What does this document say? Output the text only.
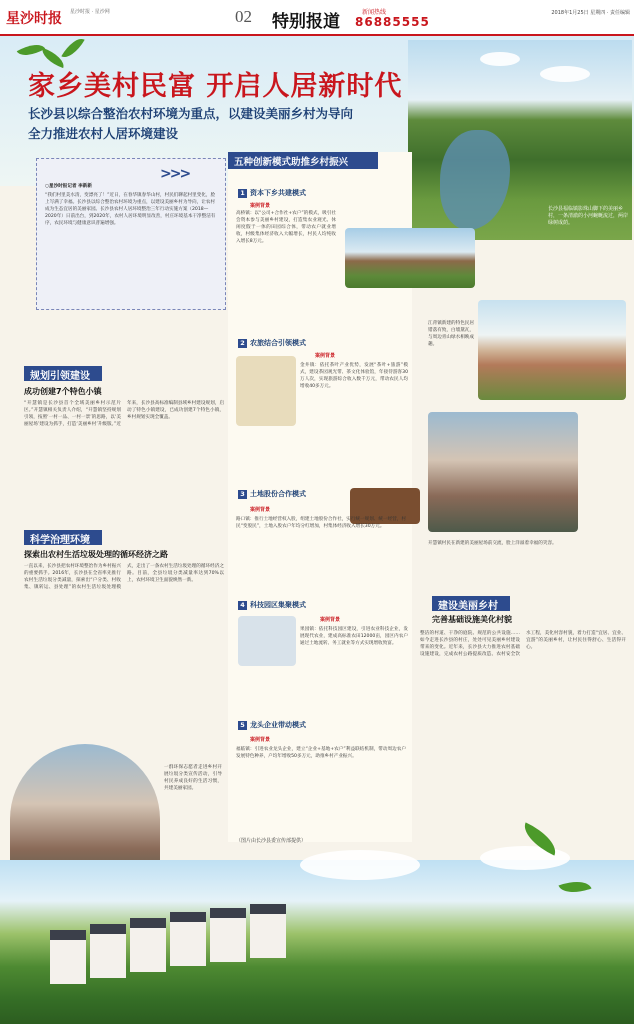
星沙时报 星沙时报 · 星沙网	02 特别报道	新闻热线
86885555
2018年1月25日 星期四 · 责任编辑
家乡美村民富 开启人居新时代
长沙县以综合整治农村环境为重点，以建设美丽乡村为导向
全力推进农村人居环境建设
长沙县福临镇影珠山脚下的美丽乡村，一条清澈的小河蜿蜒流过，两岸绿树成荫。
○星沙时报记者 李新新
“我们村里美水清，变漂亮了！”近日，在春华镇春华山村，村民们聊起村里变化，脸上写满了幸福。长沙县以综合整治农村环境为重点，以建设美丽乡村为导向，让农村成为生态宜居的美丽家园。长沙县农村人居环境整治三年行动实施方案（2018—2020年）日前出台，到2020年，农村人居环境明显改善，村庄环境基本干净整洁有序，农民环境与健康意识普遍增强。
>>>
规划引领建设
成功创建7个特色小镇
“开慧镇是长沙县首个全域美丽乡村示范片区。”开慧镇相关负责人介绍，“开慧镇坚持规划引领，按照‘一村一品、一村一景’的思路，以‘美丽屋场’建设为抓手，打造‘美丽乡村’升级版。”近年来，长沙县高标准编制县域乡村建设规划，启动了特色小镇建设，已成功创建7个特色小镇，乡村规划实现全覆盖。
科学治理环境
探索出农村生活垃圾处理的循环经济之路
一直以来，长沙县把农村环境整治作为乡村振兴的重要抓手。2016年，长沙县在全省率先推行农村生活垃圾分类减量，探索出“户分类、村收集、镇转运、县处理”的农村生活垃圾处理模式，走出了一条农村生活垃圾处理的循环经济之路。目前，全县垃圾分类减量率达到70%以上，农村环境卫生面貌焕然一新。
一群环保志愿者走进乡村开展垃圾分类宣传活动，引导村民养成良好的生活习惯，共建美丽家园。
五种创新模式助推乡村振兴
1 资本下乡共建模式
案例背景
高桥镇：以“公司+合作社+农户”的模式，吸引社会资本参与美丽乡村建设，打造集农业观光、休闲度假于一体的田园综合体，带动农户就业增收，村级集体经济收入大幅增长，村民人均纯收入增长8万元。
2 农旅结合引领模式
案例背景
金井镇：依托茶叶产业优势，发展“茶叶+旅游”模式，建设茶园观光带、茶文化体验馆，年接待游客30万人次，实现旅游综合收入数千万元，带动农民人均增收40多万元。
3 土地股份合作模式
案例背景
路口镇：推行土地经营权入股，组建土地股份合作社，实行统一规划、统一经营，村民“变股民”，土地入股农户年均分红增加，村集体经济收入增长30万元。
4 科技园区集聚模式
案例背景
果园镇：依托科技园区建设，引进农业科技企业，发展现代农业，建成高标准农田12000亩，园区内农户通过土地流转、务工就业等方式实现增收致富。
5 龙头企业带动模式
案例背景
福临镇：引进农业龙头企业，建立“企业+基地+农户”利益联结机制，带动周边农户发展特色种养，户均年增收50多万元，助推乡村产业振兴。
（图片由长沙县委宣传部提供）
江背镇新建的特色民居错落有致，白墙黛瓦，与周边青山绿水相映成趣。
开慧镇村民在新建的美丽屋场前交流，脸上洋溢着幸福的笑容。
建设美丽乡村
完善基础设施美化村貌
整洁的村道、干净的庭院、规范的公共设施……如今走进长沙县的村庄，处处可见美丽乡村建设带来的变化。近年来，长沙县大力推进农村基础设施建设，完成农村公路提质改造、农村安全饮水工程，美化村容村貌，着力打造“宜居、宜业、宜游”的美丽乡村，让村民住得舒心、生活得开心。
